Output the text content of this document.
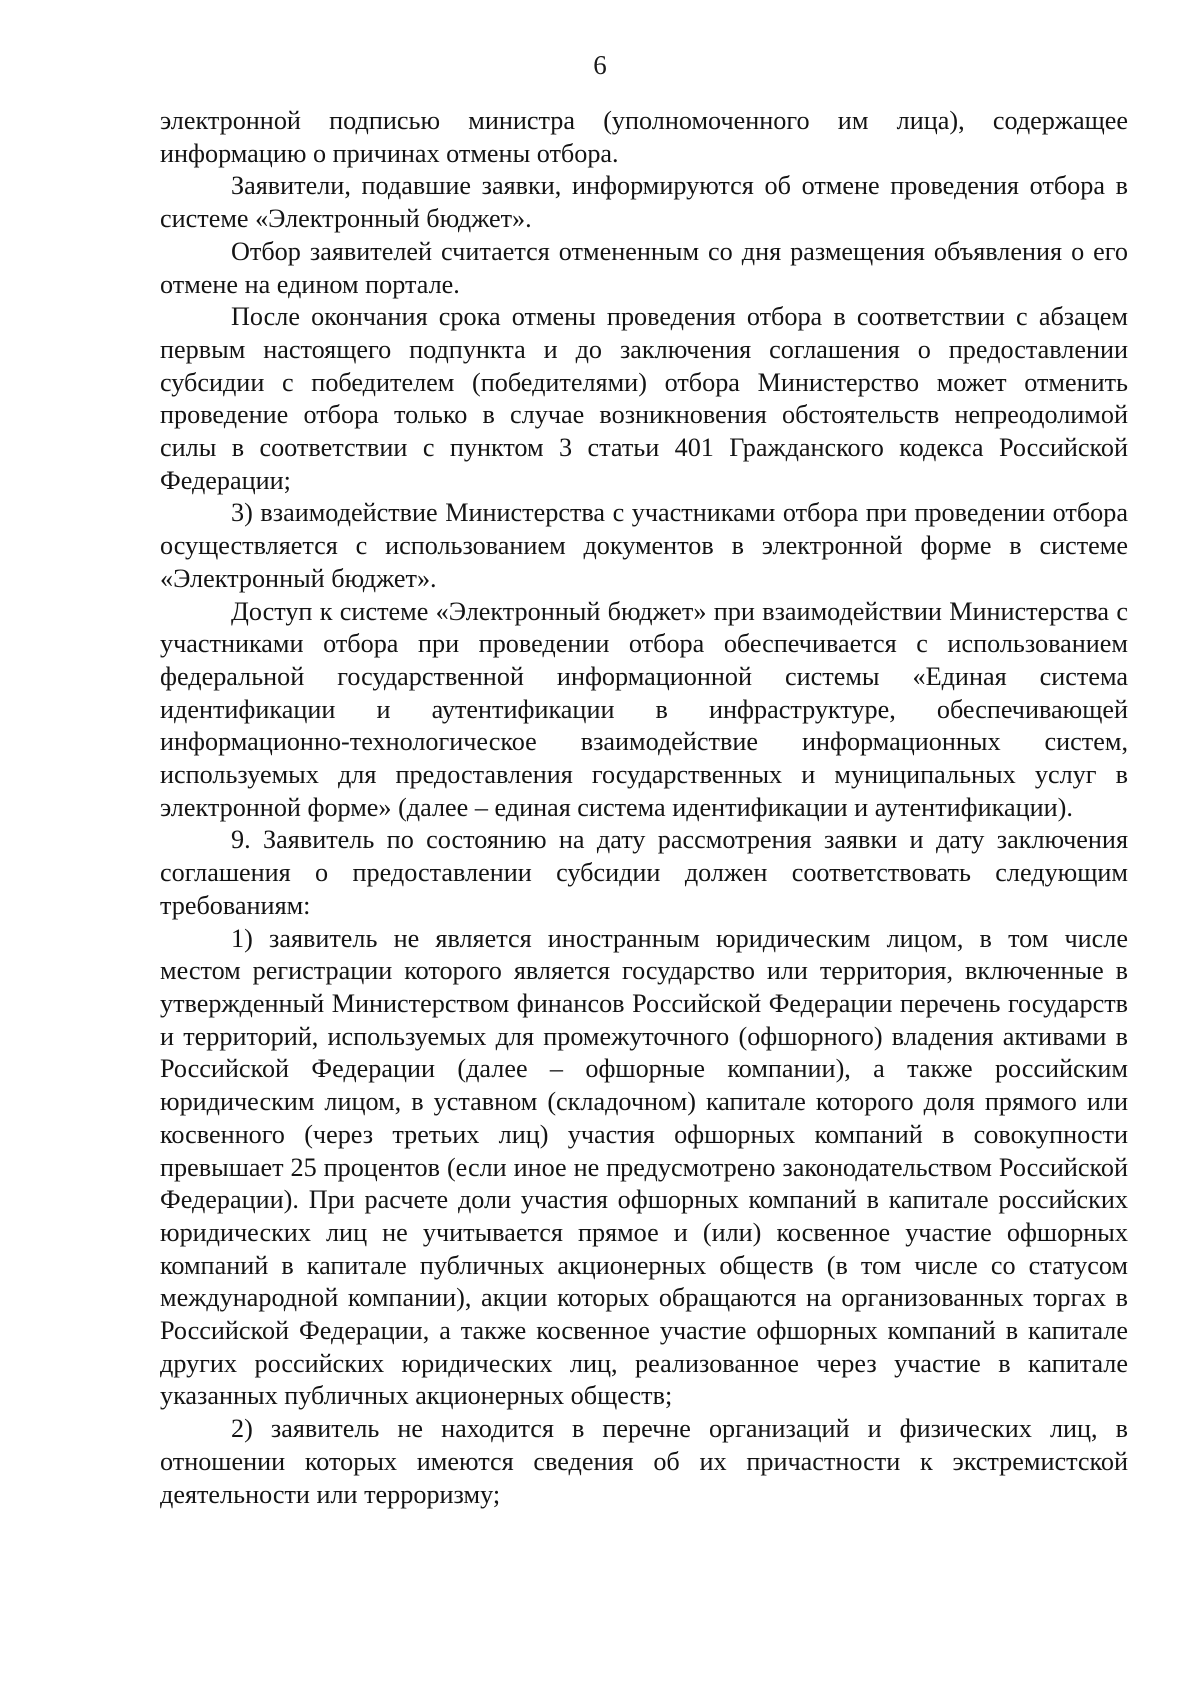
6

электронной подписью министра (уполномоченного им лица), содержащее информацию о причинах отмены отбора.

Заявители, подавшие заявки, информируются об отмене проведения отбора в системе «Электронный бюджет».

Отбор заявителей считается отмененным со дня размещения объявления о его отмене на едином портале.

После окончания срока отмены проведения отбора в соответствии с абзацем первым настоящего подпункта и до заключения соглашения о предоставлении субсидии с победителем (победителями) отбора Министерство может отменить проведение отбора только в случае возникновения обстоятельств непреодолимой силы в соответствии с пунктом 3 статьи 401 Гражданского кодекса Российской Федерации;

3) взаимодействие Министерства с участниками отбора при проведении отбора осуществляется с использованием документов в электронной форме в системе «Электронный бюджет».

Доступ к системе «Электронный бюджет» при взаимодействии Министерства с участниками отбора при проведении отбора обеспечивается с использованием федеральной государственной информационной системы «Единая система идентификации и аутентификации в инфраструктуре, обеспечивающей информационно-технологическое взаимодействие информационных систем, используемых для предоставления государственных и муниципальных услуг в электронной форме» (далее – единая система идентификации и аутентификации).

9. Заявитель по состоянию на дату рассмотрения заявки и дату заключения соглашения о предоставлении субсидии должен соответствовать следующим требованиям:

1) заявитель не является иностранным юридическим лицом, в том числе местом регистрации которого является государство или территория, включенные в утвержденный Министерством финансов Российской Федерации перечень государств и территорий, используемых для промежуточного (офшорного) владения активами в Российской Федерации (далее – офшорные компании), а также российским юридическим лицом, в уставном (складочном) капитале которого доля прямого или косвенного (через третьих лиц) участия офшорных компаний в совокупности превышает 25 процентов (если иное не предусмотрено законодательством Российской Федерации). При расчете доли участия офшорных компаний в капитале российских юридических лиц не учитывается прямое и (или) косвенное участие офшорных компаний в капитале публичных акционерных обществ (в том числе со статусом международной компании), акции которых обращаются на организованных торгах в Российской Федерации, а также косвенное участие офшорных компаний в капитале других российских юридических лиц, реализованное через участие в капитале указанных публичных акционерных обществ;

2) заявитель не находится в перечне организаций и физических лиц, в отношении которых имеются сведения об их причастности к экстремистской деятельности или терроризму;
